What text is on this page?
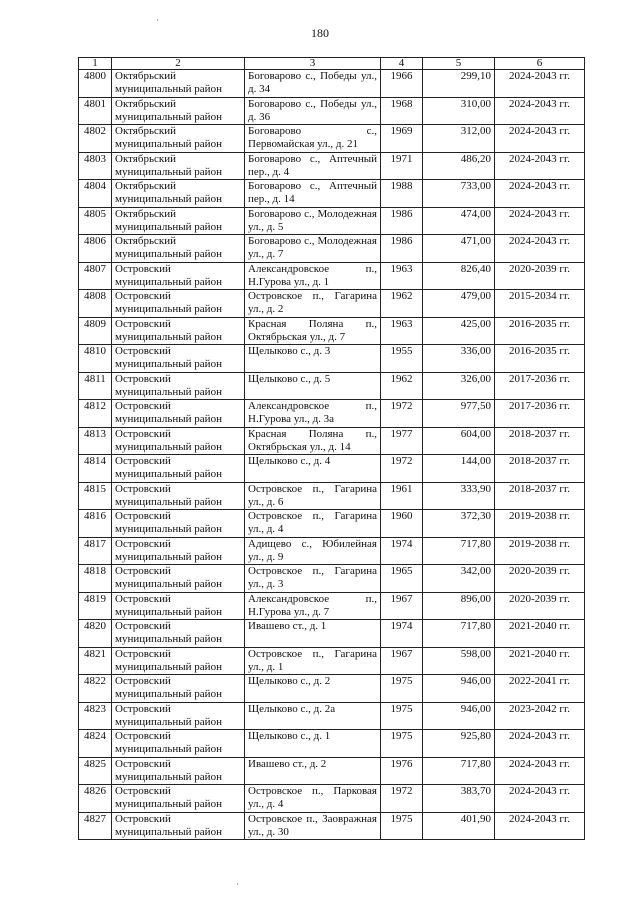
180
1	2	3	4	5	6
4800	Октябрьский муниципальный район	Боговарово с., Победы ул., д. 34	1966	299,10	2024-2043 гг.
4801	Октябрьский муниципальный район	Боговарово с., Победы ул., д. 36	1968	310,00	2024-2043 гг.
4802	Октябрьский муниципальный район	Боговарово с., Первомайская ул., д. 21	1969	312,00	2024-2043 гг.
4803	Октябрьский муниципальный район	Боговарово с., Аптечный пер., д. 4	1971	486,20	2024-2043 гг.
4804	Октябрьский муниципальный район	Боговарово с., Аптечный пер., д. 14	1988	733,00	2024-2043 гг.
4805	Октябрьский муниципальный район	Боговарово с., Молодежная ул., д. 5	1986	474,00	2024-2043 гг.
4806	Октябрьский муниципальный район	Боговарово с., Молодежная ул., д. 7	1986	471,00	2024-2043 гг.
4807	Островский муниципальный район	Александровское п., Н.Гурова ул., д. 1	1963	826,40	2020-2039 гг.
4808	Островский муниципальный район	Островское п., Гагарина ул., д. 2	1962	479,00	2015-2034 гг.
4809	Островский муниципальный район	Красная Поляна п., Октябрьская ул., д. 7	1963	425,00	2016-2035 гг.
4810	Островский муниципальный район	Щелыково с., д. 3	1955	336,00	2016-2035 гг.
4811	Островский муниципальный район	Щелыково с., д. 5	1962	326,00	2017-2036 гг.
4812	Островский муниципальный район	Александровское п., Н.Гурова ул., д. 3а	1972	977,50	2017-2036 гг.
4813	Островский муниципальный район	Красная Поляна п., Октябрьская ул., д. 14	1977	604,00	2018-2037 гг.
4814	Островский муниципальный район	Щелыково с., д. 4	1972	144,00	2018-2037 гг.
4815	Островский муниципальный район	Островское п., Гагарина ул., д. 6	1961	333,90	2018-2037 гг.
4816	Островский муниципальный район	Островское п., Гагарина ул., д. 4	1960	372,30	2019-2038 гг.
4817	Островский муниципальный район	Адищево с., Юбилейная ул., д. 9	1974	717,80	2019-2038 гг.
4818	Островский муниципальный район	Островское п., Гагарина ул., д. 3	1965	342,00	2020-2039 гг.
4819	Островский муниципальный район	Александровское п., Н.Гурова ул., д. 7	1967	896,00	2020-2039 гг.
4820	Островский муниципальный район	Ивашево ст., д. 1	1974	717,80	2021-2040 гг.
4821	Островский муниципальный район	Островское п., Гагарина ул., д. 1	1967	598,00	2021-2040 гг.
4822	Островский муниципальный район	Щелыково с., д. 2	1975	946,00	2022-2041 гг.
4823	Островский муниципальный район	Щелыково с., д. 2а	1975	946,00	2023-2042 гг.
4824	Островский муниципальный район	Щелыково с., д. 1	1975	925,80	2024-2043 гг.
4825	Островский муниципальный район	Ивашево ст., д. 2	1976	717,80	2024-2043 гг.
4826	Островский муниципальный район	Островское п., Парковая ул., д. 4	1972	383,70	2024-2043 гг.
4827	Островский муниципальный район	Островское п., Заовражная ул., д. 30	1975	401,90	2024-2043 гг.
·
·
